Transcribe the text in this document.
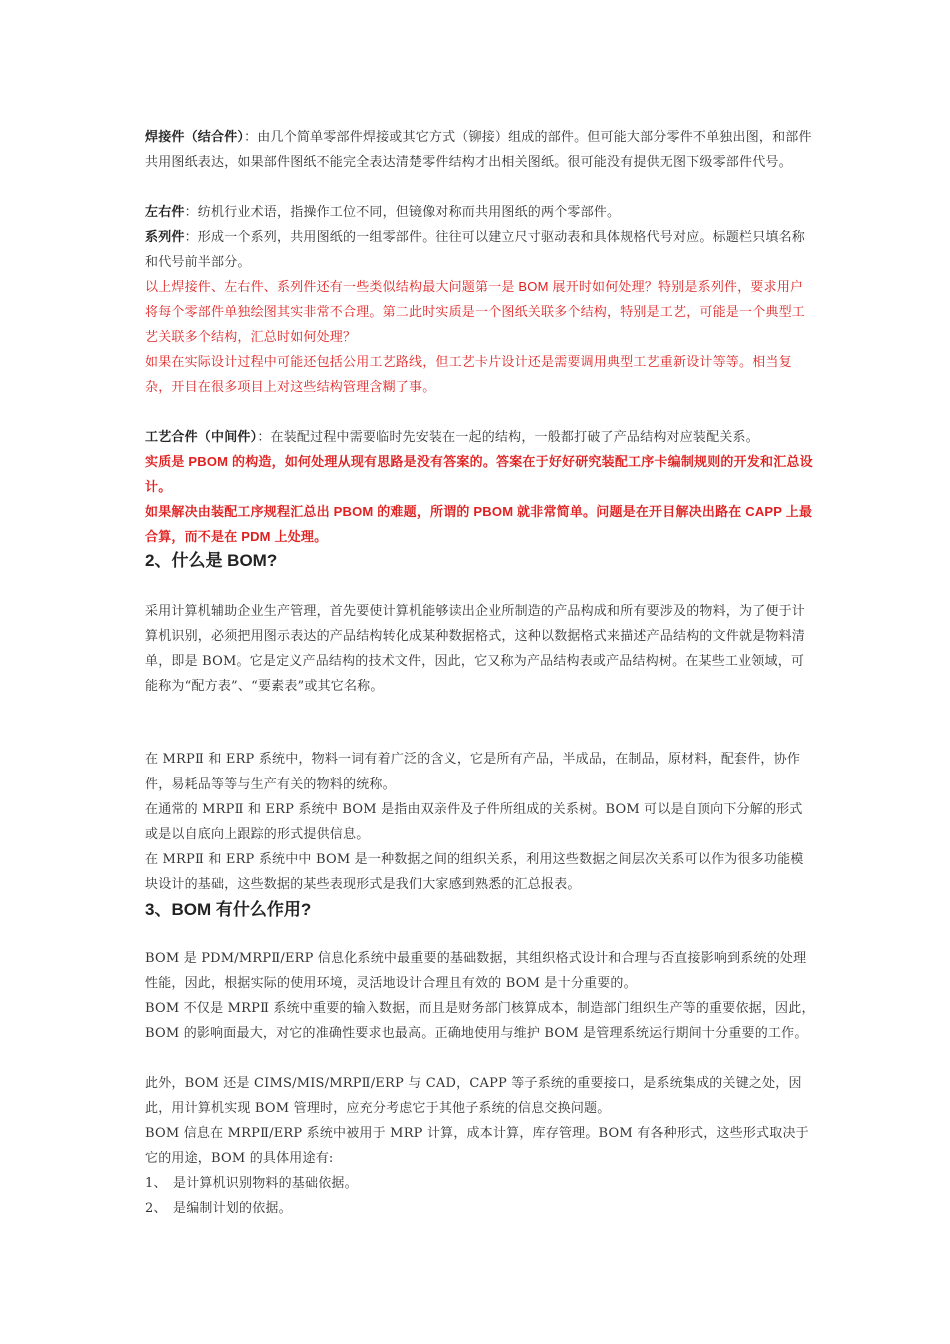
焊接件（结合件）：由几个简单零部件焊接或其它方式（铆接）组成的部件。但可能大部分零件不单独出图，和部件共用图纸表达，如果部件图纸不能完全表达清楚零件结构才出相关图纸。很可能没有提供无图下级零部件代号。

左右件：纺机行业术语，指操作工位不同，但镜像对称而共用图纸的两个零部件。

系列件：形成一个系列，共用图纸的一组零部件。往往可以建立尺寸驱动表和具体规格代号对应。标题栏只填名称和代号前半部分。

以上焊接件、左右件、系列件还有一些类似结构最大问题第一是 BOM 展开时如何处理？特别是系列件，要求用户将每个零部件单独绘图其实非常不合理。第二此时实质是一个图纸关联多个结构，特别是工艺，可能是一个典型工艺关联多个结构，汇总时如何处理？

如果在实际设计过程中可能还包括公用工艺路线，但工艺卡片设计还是需要调用典型工艺重新设计等等。相当复杂，开目在很多项目上对这些结构管理含糊了事。

工艺合件（中间件）：在装配过程中需要临时先安装在一起的结构，一般都打破了产品结构对应装配关系。

实质是 PBOM 的构造，如何处理从现有思路是没有答案的。答案在于好好研究装配工序卡编制规则的开发和汇总设计。

如果解决由装配工序规程汇总出 PBOM 的难题，所谓的 PBOM 就非常简单。问题是在开目解决出路在 CAPP 上最合算，而不是在 PDM 上处理。

2、什么是 BOM?

采用计算机辅助企业生产管理，首先要使计算机能够读出企业所制造的产品构成和所有要涉及的物料，为了便于计算机识别，必须把用图示表达的产品结构转化成某种数据格式，这种以数据格式来描述产品结构的文件就是物料清单，即是 BOM。它是定义产品结构的技术文件，因此，它又称为产品结构表或产品结构树。在某些工业领域，可能称为“配方表”、“要素表”或其它名称。

在 MRPⅡ 和 ERP 系统中，物料一词有着广泛的含义，它是所有产品，半成品，在制品，原材料，配套件，协作件，易耗品等等与生产有关的物料的统称。

在通常的 MRPⅡ 和 ERP 系统中 BOM 是指由双亲件及子件所组成的关系树。BOM 可以是自顶向下分解的形式或是以自底向上跟踪的形式提供信息。

在 MRPⅡ 和 ERP 系统中中 BOM 是一种数据之间的组织关系，利用这些数据之间层次关系可以作为很多功能模块设计的基础，这些数据的某些表现形式是我们大家感到熟悉的汇总报表。

3、BOM 有什么作用?

BOM 是 PDM/MRPⅡ/ERP 信息化系统中最重要的基础数据，其组织格式设计和合理与否直接影响到系统的处理性能，因此，根据实际的使用环境，灵活地设计合理且有效的 BOM 是十分重要的。

BOM 不仅是 MRPⅡ 系统中重要的输入数据，而且是财务部门核算成本，制造部门组织生产等的重要依据，因此，BOM 的影响面最大，对它的准确性要求也最高。正确地使用与维护 BOM 是管理系统运行期间十分重要的工作。

此外，BOM 还是 CIMS/MIS/MRPⅡ/ERP 与 CAD，CAPP 等子系统的重要接口，是系统集成的关键之处，因此，用计算机实现 BOM 管理时，应充分考虑它于其他子系统的信息交换问题。

BOM 信息在 MRPⅡ/ERP 系统中被用于 MRP 计算，成本计算，库存管理。BOM 有各种形式，这些形式取决于它的用途，BOM 的具体用途有:

1、 是计算机识别物料的基础依据。
2、 是编制计划的依据。
